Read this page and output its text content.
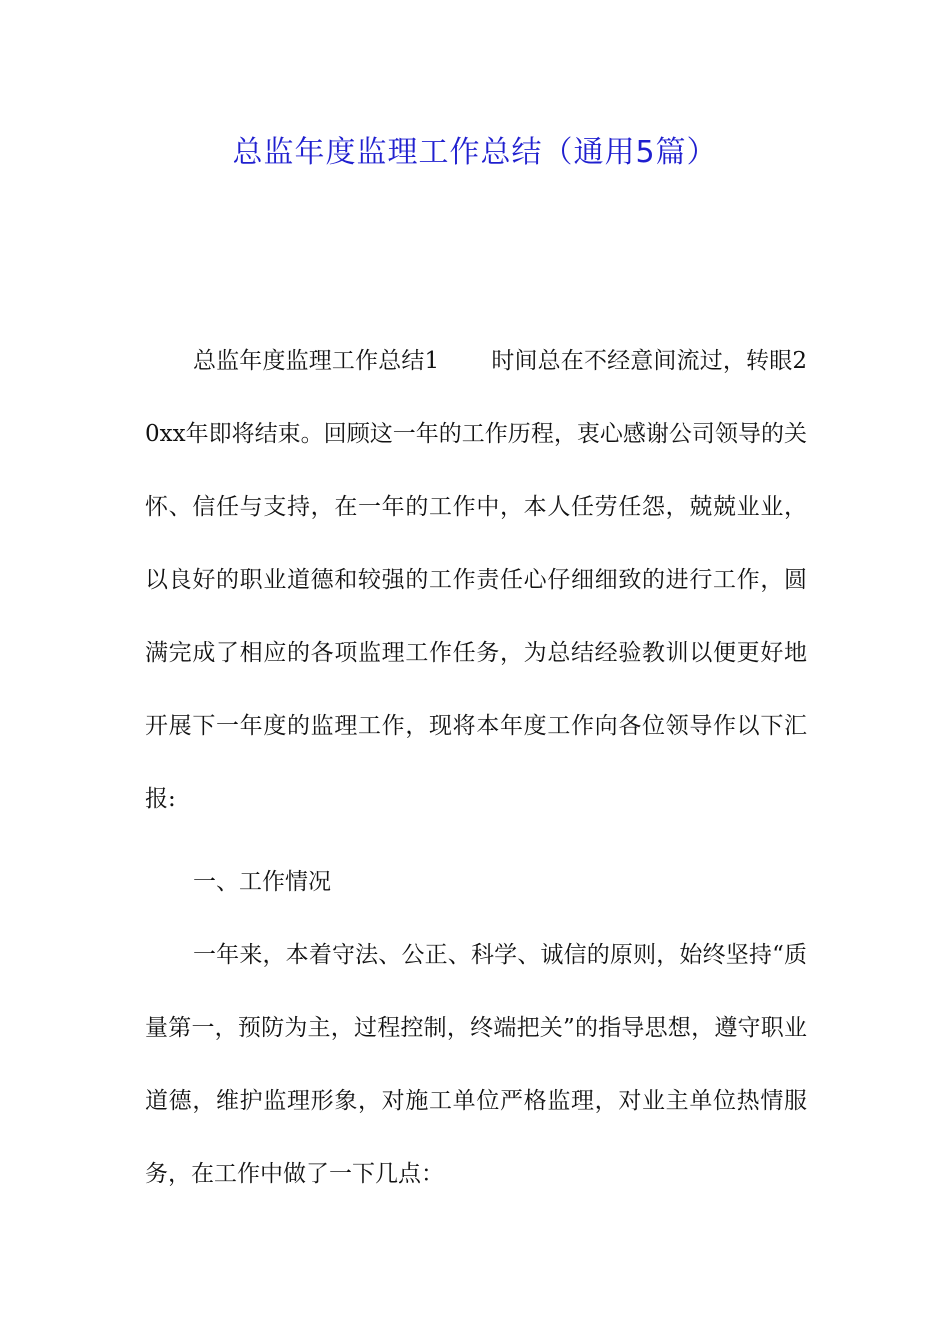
总监年度监理工作总结（通用5篇）

总监年度监理工作总结1 时间总在不经意间流过，转眼20xx年即将结束。回顾这一年的工作历程，衷心感谢公司领导的关怀、信任与支持，在一年的工作中，本人任劳任怨，兢兢业业，以良好的职业道德和较强的工作责任心仔细细致的进行工作，圆满完成了相应的各项监理工作任务，为总结经验教训以便更好地开展下一年度的监理工作，现将本年度工作向各位领导作以下汇报:

一、工作情况

一年来，本着守法、公正、科学、诚信的原则，始终坚持“质量第一，预防为主，过程控制，终端把关”的指导思想，遵守职业道德，维护监理形象，对施工单位严格监理，对业主单位热情服务，在工作中做了一下几点：
